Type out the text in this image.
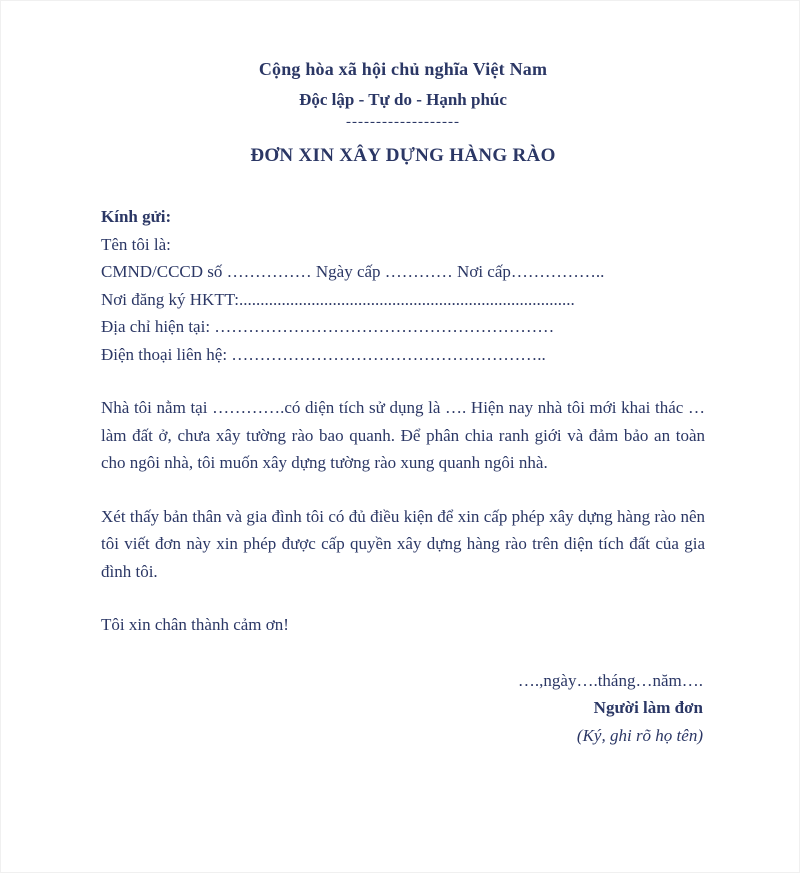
Cộng hòa xã hội chủ nghĩa Việt Nam
Độc lập - Tự do - Hạnh phúc
-------------------
ĐƠN XIN XÂY DỰNG HÀNG RÀO
Kính gửi:
Tên tôi là:
CMND/CCCD số …………… Ngày cấp ………… Nơi cấp……………..
Nơi đăng ký HKTT:...............................................................................
Địa chỉ hiện tại: ……………………………………………………
Điện thoại liên hệ: ………………………………………………..
Nhà tôi nằm tại ………….có diện tích sử dụng là …. Hiện nay nhà tôi mới khai thác … làm đất ở, chưa xây tường rào bao quanh. Để phân chia ranh giới và đảm bảo an toàn cho ngôi nhà, tôi muốn xây dựng tường rào xung quanh ngôi nhà.
Xét thấy bản thân và gia đình tôi có đủ điều kiện để xin cấp phép xây dựng hàng rào nên tôi viết đơn này xin phép được cấp quyền xây dựng hàng rào trên diện tích đất của gia đình tôi.
Tôi xin chân thành cảm ơn!
….,ngày….tháng…năm….
Người làm đơn
(Ký, ghi rõ họ tên)
